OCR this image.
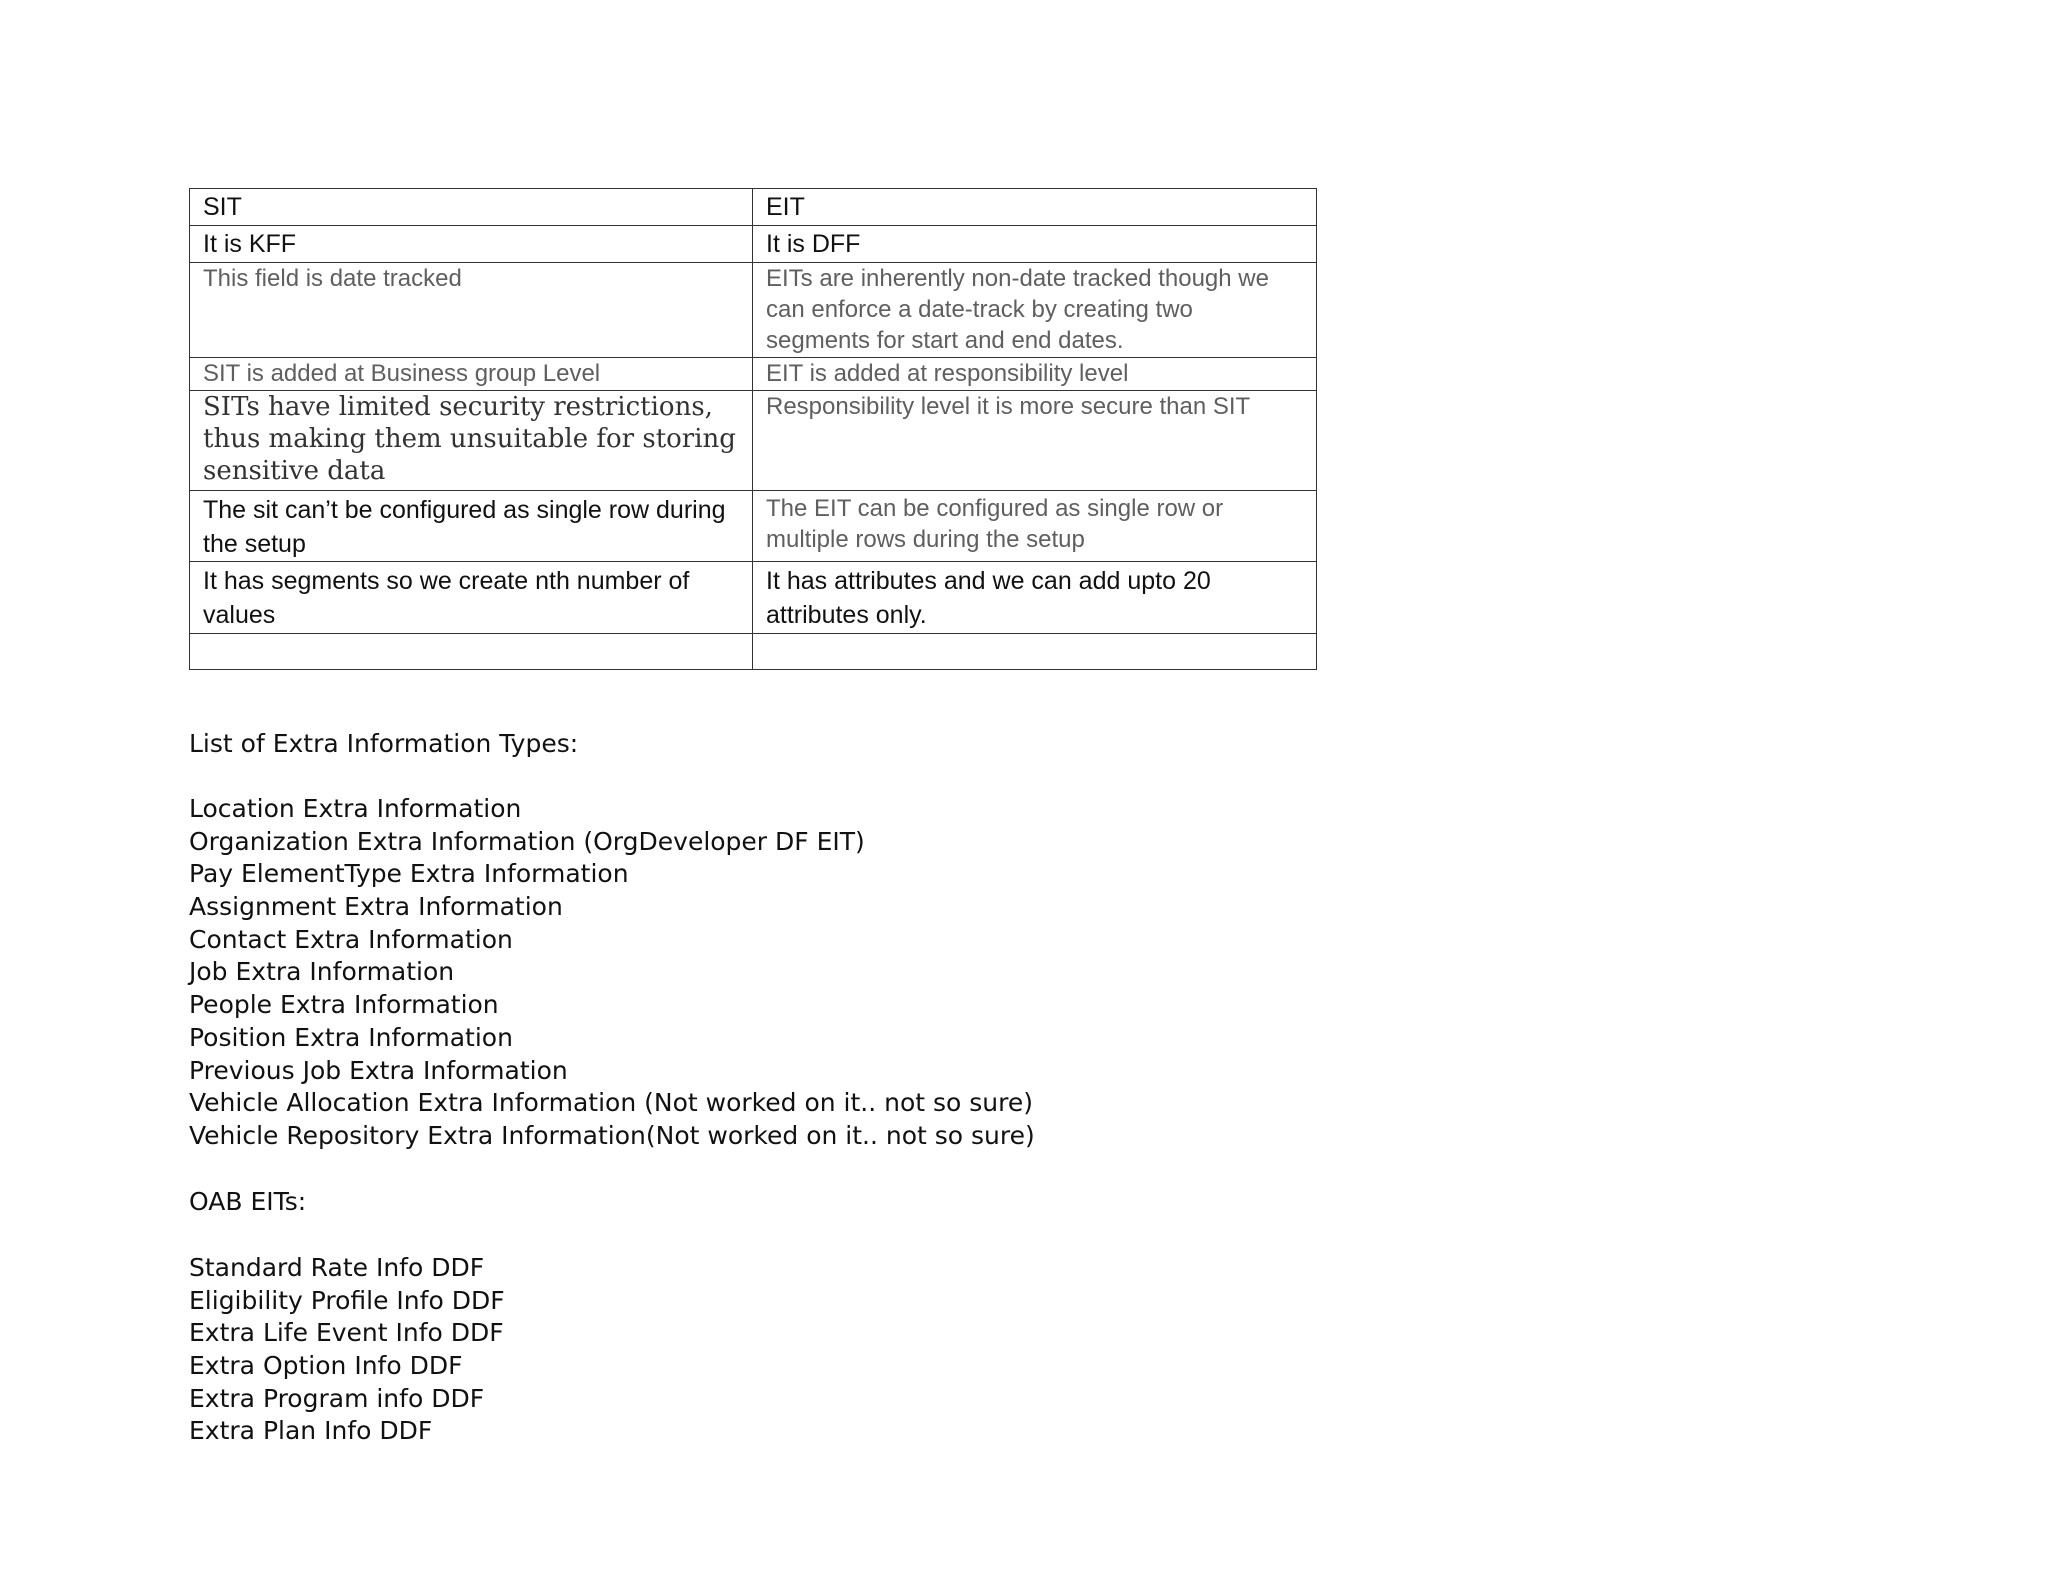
SIT	EIT

It is KFF	It is DFF

This field is date tracked	EITs are inherently non-date tracked though we can enforce a date-track by creating two segments for start and end dates.

SIT is added at Business group Level	EIT is added at responsibility level

SITs have limited security restrictions, thus making them unsuitable for storing sensitive data	Responsibility level it is more secure than SIT

The sit can’t be configured as single row during the setup	The EIT can be configured as single row or multiple rows during the setup

It has segments so we create nth number of values	It has attributes and we can add upto 20 attributes only.

List of Extra Information Types:
Location Extra Information
Organization Extra Information (OrgDeveloper DF EIT)
Pay ElementType Extra Information
Assignment Extra Information
Contact Extra Information
Job Extra Information
People Extra Information
Position Extra Information
Previous Job Extra Information
Vehicle Allocation Extra Information (Not worked on it.. not so sure)
Vehicle Repository Extra Information(Not worked on it.. not so sure)
OAB EITs:
Standard Rate Info DDF
Eligibility Profile Info DDF
Extra Life Event Info DDF
Extra Option Info DDF
Extra Program info DDF
Extra Plan Info DDF
